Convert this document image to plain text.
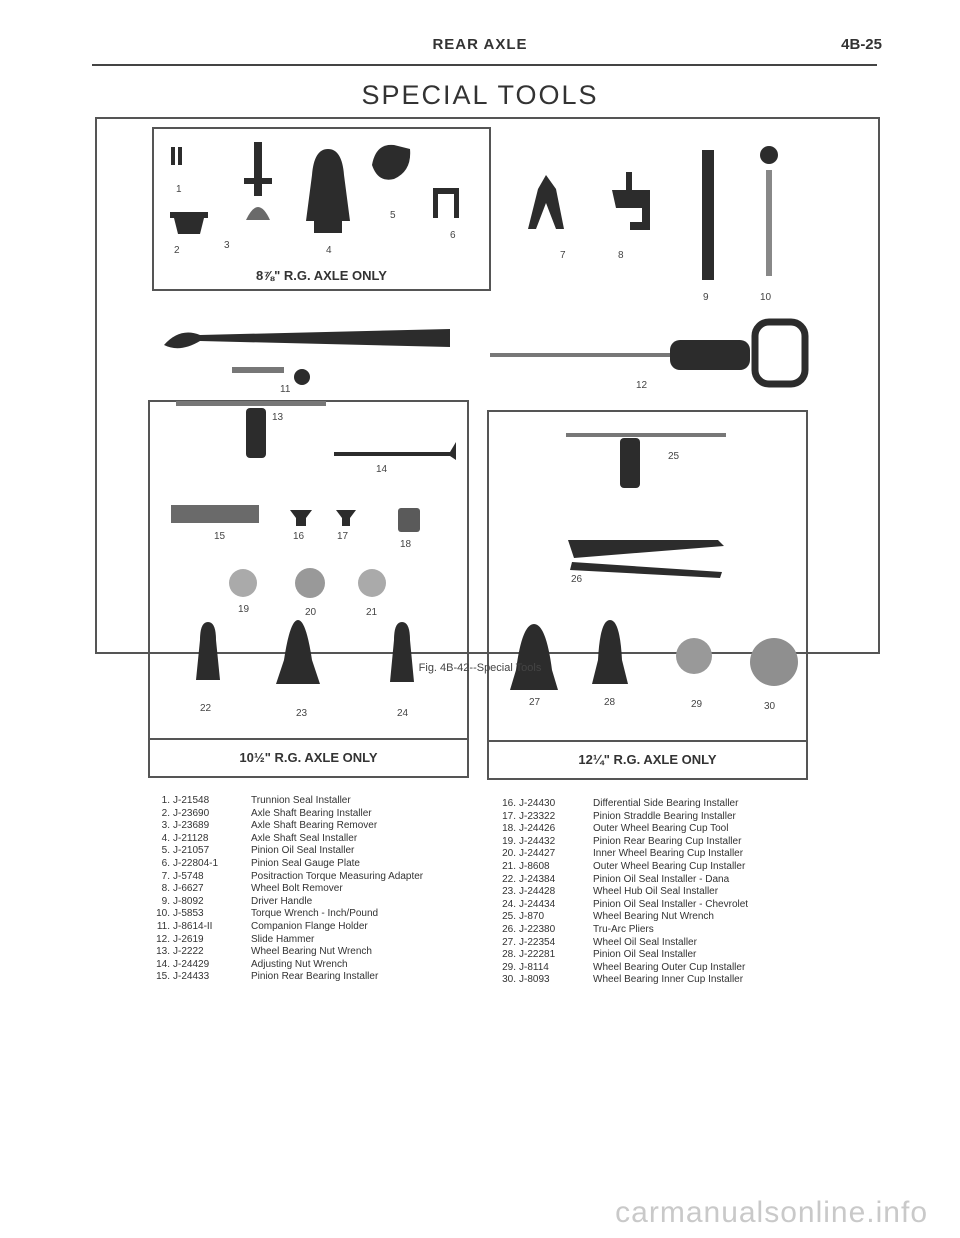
REAR AXLE	4B-25
SPECIAL TOOLS
8⅞" R.G. AXLE ONLY
10½" R.G. AXLE ONLY	12¼" R.G. AXLE ONLY
1
2	3	4
5
6
7	8
9	10
11	12
13
14
15	16	17
18
19	20	21
22	23	24
25
26
27	28	29	30
1. J-21548	Trunnion Seal Installer
2. J-23690	Axle Shaft Bearing Installer
3. J-23689	Axle Shaft Bearing Remover
4. J-21128	Axle Shaft Seal Installer
5. J-21057	Pinion Oil Seal Installer
6. J-22804-1	Pinion Seal Gauge Plate
7. J-5748	Positraction Torque Measuring Adapter
8. J-6627	Wheel Bolt Remover
9. J-8092	Driver Handle
10. J-5853	Torque Wrench - Inch/Pound
11. J-8614-II	Companion Flange Holder
12. J-2619	Slide Hammer
13. J-2222	Wheel Bearing Nut Wrench
14. J-24429	Adjusting Nut Wrench
15. J-24433	Pinion Rear Bearing Installer
16. J-24430	Differential Side Bearing Installer
17. J-23322	Pinion Straddle Bearing Installer
18. J-24426	Outer Wheel Bearing Cup Tool
19. J-24432	Pinion Rear Bearing Cup Installer
20. J-24427	Inner Wheel Bearing Cup Installer
21. J-8608	Outer Wheel Bearing Cup Installer
22. J-24384	Pinion Oil Seal Installer - Dana
23. J-24428	Wheel Hub Oil Seal Installer
24. J-24434	Pinion Oil Seal Installer - Chevrolet
25. J-870	Wheel Bearing Nut Wrench
26. J-22380	Tru-Arc Pliers
27. J-22354	Wheel Oil Seal Installer
28. J-22281	Pinion Oil Seal Installer
29. J-8114	Wheel Bearing Outer Cup Installer
30. J-8093	Wheel Bearing Inner Cup Installer
Fig. 4B-42--Special Tools
carmanualsonline.info
